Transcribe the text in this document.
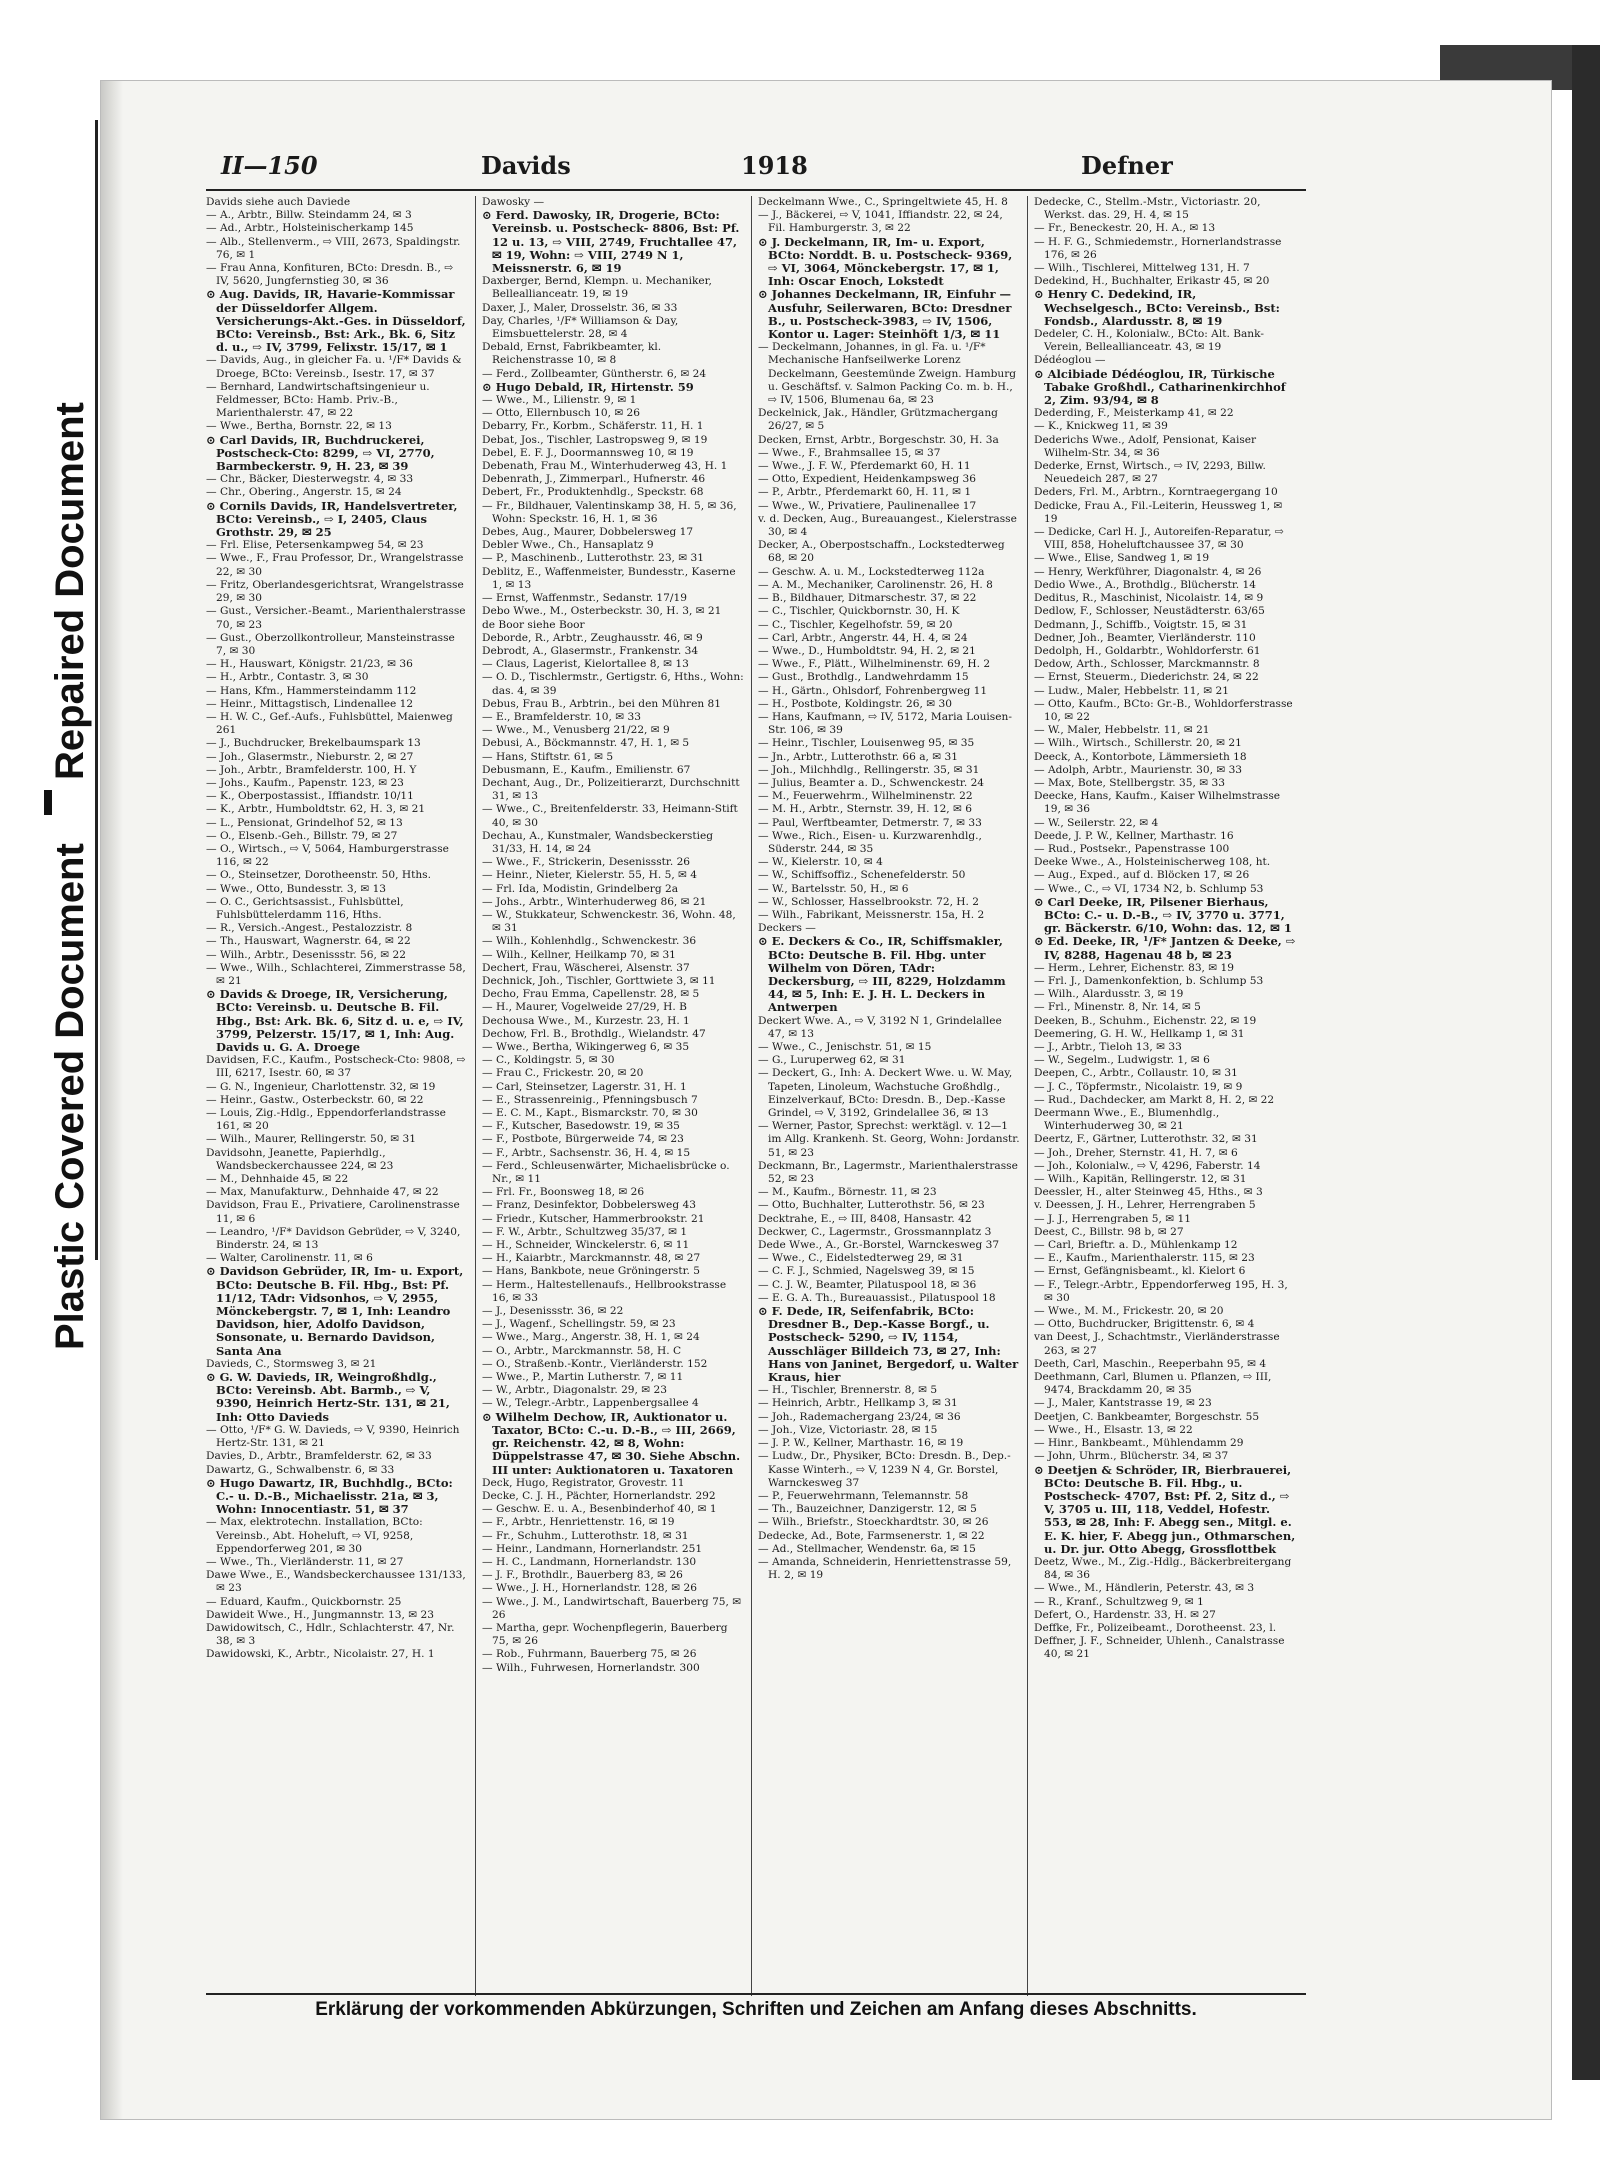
Repaired Document
Plastic Covered Document
II—150	Davids	1918	Defner
Davids siehe auch Daviede
— A., Arbtr., Billw. Steindamm 24, ✉ 3
— Ad., Arbtr., Holsteinischerkamp 145
— Alb., Stellenverm., ⇨ VIII, 2673, Spaldingstr. 76, ✉ 1
— Frau Anna, Konfituren, BCto: Dresdn. B., ⇨ IV, 5620, Jungfernstieg 30, ✉ 36
⊙ Aug. Davids, IR, Havarie-Kommissar der Düsseldorfer Allgem. Versicherungs-Akt.-Ges. in Düsseldorf, BCto: Vereinsb., Bst: Ark., Bk. 6, Sitz d. u., ⇨ IV, 3799, Felixstr. 15/17, ✉ 1
— Davids, Aug., in gleicher Fa. u. ¹/F* Davids & Droege, BCto: Vereinsb., Isestr. 17, ✉ 37
— Bernhard, Landwirtschaftsingenieur u. Feldmesser, BCto: Hamb. Priv.-B., Marienthalerstr. 47, ✉ 22
— Wwe., Bertha, Bornstr. 22, ✉ 13
⊙ Carl Davids, IR, Buchdruckerei, Postscheck-Cto: 8299, ⇨ VI, 2770, Barmbeckerstr. 9, H. 23, ✉ 39
— Chr., Bäcker, Diesterwegstr. 4, ✉ 33
— Chr., Obering., Angerstr. 15, ✉ 24
⊙ Cornils Davids, IR, Handelsvertreter, BCto: Vereinsb., ⇨ I, 2405, Claus Grothstr. 29, ✉ 25
— Frl. Elise, Petersenkampweg 54, ✉ 23
— Wwe., F., Frau Professor, Dr., Wrangelstrasse 22, ✉ 30
— Fritz, Oberlandesgerichtsrat, Wrangelstrasse 29, ✉ 30
— Gust., Versicher.-Beamt., Marienthalerstrasse 70, ✉ 23
— Gust., Oberzollkontrolleur, Mansteinstrasse 7, ✉ 30
— H., Hauswart, Königstr. 21/23, ✉ 36
— H., Arbtr., Contastr. 3, ✉ 30
— Hans, Kfm., Hammersteindamm 112
— Heinr., Mittagstisch, Lindenallee 12
— H. W. C., Gef.-Aufs., Fuhlsbüttel, Maienweg 261
— J., Buchdrucker, Brekelbaumspark 13
— Joh., Glasermstr., Nieburstr. 2, ✉ 27
— Joh., Arbtr., Bramfelderstr. 100, H. Y
— Johs., Kaufm., Papenstr. 123, ✉ 23
— K., Oberpostassist., Iffiandstr. 10/11
— K., Arbtr., Humboldtstr. 62, H. 3, ✉ 21
— L., Pensionat, Grindelhof 52, ✉ 13
— O., Elsenb.-Geh., Billstr. 79, ✉ 27
— O., Wirtsch., ⇨ V, 5064, Hamburgerstrasse 116, ✉ 22
— O., Steinsetzer, Dorotheenstr. 50, Hths.
— Wwe., Otto, Bundesstr. 3, ✉ 13
— O. C., Gerichtsassist., Fuhlsbüttel, Fuhlsbüttelerdamm 116, Hths.
— R., Versich.-Angest., Pestalozzistr. 8
— Th., Hauswart, Wagnerstr. 64, ✉ 22
— Wilh., Arbtr., Desenissstr. 56, ✉ 22
— Wwe., Wilh., Schlachterei, Zimmerstrasse 58, ✉ 21
⊙ Davids & Droege, IR, Versicherung, BCto: Vereinsb. u. Deutsche B. Fil. Hbg., Bst: Ark. Bk. 6, Sitz d. u. e, ⇨ IV, 3799, Pelzerstr. 15/17, ✉ 1, Inh: Aug. Davids u. G. A. Droege
Davidsen, F.C., Kaufm., Postscheck-Cto: 9808, ⇨ III, 6217, Isestr. 60, ✉ 37
— G. N., Ingenieur, Charlottenstr. 32, ✉ 19
— Heinr., Gastw., Osterbeckstr. 60, ✉ 22
— Louis, Zig.-Hdlg., Eppendorferlandstrasse 161, ✉ 20
— Wilh., Maurer, Rellingerstr. 50, ✉ 31
Davidsohn, Jeanette, Papierhdlg., Wandsbeckerchaussee 224, ✉ 23
— M., Dehnhaide 45, ✉ 22
— Max, Manufakturw., Dehnhaide 47, ✉ 22
Davidson, Frau E., Privatiere, Carolinenstrasse 11, ✉ 6
— Leandro, ¹/F* Davidson Gebrüder, ⇨ V, 3240, Binderstr. 24, ✉ 13
— Walter, Carolinenstr. 11, ✉ 6
⊙ Davidson Gebrüder, IR, Im- u. Export, BCto: Deutsche B. Fil. Hbg., Bst: Pf. 11/12, TAdr: Vidsonhos, ⇨ V, 2955, Mönckebergstr. 7, ✉ 1, Inh: Leandro Davidson, hier, Adolfo Davidson, Sonsonate, u. Bernardo Davidson, Santa Ana
Davieds, C., Stormsweg 3, ✉ 21
⊙ G. W. Davieds, IR, Weingroßhdlg., BCto: Vereinsb. Abt. Barmb., ⇨ V, 9390, Heinrich Hertz-Str. 131, ✉ 21, Inh: Otto Davieds
— Otto, ¹/F* G. W. Davieds, ⇨ V, 9390, Heinrich Hertz-Str. 131, ✉ 21
Davies, D., Arbtr., Bramfelderstr. 62, ✉ 33
Dawartz, G., Schwalbenstr. 6, ✉ 33
⊙ Hugo Dawartz, IR, Buchhdlg., BCto: C.- u. D.-B., Michaelisstr. 21a, ✉ 3, Wohn: Innocentiastr. 51, ✉ 37
— Max, elektrotechn. Installation, BCto: Vereinsb., Abt. Hoheluft, ⇨ VI, 9258, Eppendorferweg 201, ✉ 30
— Wwe., Th., Vierländerstr. 11, ✉ 27
Dawe Wwe., E., Wandsbeckerchaussee 131/133, ✉ 23
— Eduard, Kaufm., Quickbornstr. 25
Dawideit Wwe., H., Jungmannstr. 13, ✉ 23
Dawidowitsch, C., Hdlr., Schlachterstr. 47, Nr. 38, ✉ 3
Dawidowski, K., Arbtr., Nicolaistr. 27, H. 1
Dawosky —
⊙ Ferd. Dawosky, IR, Drogerie, BCto: Vereinsb. u. Postscheck- 8806, Bst: Pf. 12 u. 13, ⇨ VIII, 2749, Fruchtallee 47, ✉ 19, Wohn: ⇨ VIII, 2749 N 1, Meissnerstr. 6, ✉ 19
Daxberger, Bernd, Klempn. u. Mechaniker, Belleallianceatr. 19, ✉ 19
Daxer, J., Maler, Drosselstr. 36, ✉ 33
Day, Charles, ¹/F* Williamson & Day, Eimsbuettelerstr. 28, ✉ 4
Debald, Ernst, Fabrikbeamter, kl. Reichenstrasse 10, ✉ 8
— Ferd., Zollbeamter, Güntherstr. 6, ✉ 24
⊙ Hugo Debald, IR, Hirtenstr. 59
— Wwe., M., Lilienstr. 9, ✉ 1
— Otto, Ellernbusch 10, ✉ 26
Debarry, Fr., Korbm., Schäferstr. 11, H. 1
Debat, Jos., Tischler, Lastropsweg 9, ✉ 19
Debel, E. F. J., Doormannsweg 10, ✉ 19
Debenath, Frau M., Winterhuderweg 43, H. 1
Debenrath, J., Zimmerparl., Hufnerstr. 46
Debert, Fr., Produktenhdlg., Speckstr. 68
— Fr., Bildhauer, Valentinskamp 38, H. 5, ✉ 36, Wohn: Speckstr. 16, H. 1, ✉ 36
Debes, Aug., Maurer, Dobbelersweg 17
Debler Wwe., Ch., Hansaplatz 9
— P., Maschinenb., Lutterothstr. 23, ✉ 31
Deblitz, E., Waffenmeister, Bundesstr., Kaserne 1, ✉ 13
— Ernst, Waffenmstr., Sedanstr. 17/19
Debo Wwe., M., Osterbeckstr. 30, H. 3, ✉ 21
de Boor siehe Boor
Deborde, R., Arbtr., Zeughausstr. 46, ✉ 9
Debrodt, A., Glasermstr., Frankenstr. 34
— Claus, Lagerist, Kielortallee 8, ✉ 13
— O. D., Tischlermstr., Gertigstr. 6, Hths., Wohn: das. 4, ✉ 39
Debus, Frau B., Arbtrin., bei den Mühren 81
— E., Bramfelderstr. 10, ✉ 33
— Wwe., M., Venusberg 21/22, ✉ 9
Debusi, A., Böckmannstr. 47, H. 1, ✉ 5
— Hans, Stiftstr. 61, ✉ 5
Debusmann, E., Kaufm., Emilienstr. 67
Dechant, Aug., Dr., Polizeitierarzt, Durchschnitt 31, ✉ 13
— Wwe., C., Breitenfelderstr. 33, Heimann-Stift 40, ✉ 30
Dechau, A., Kunstmaler, Wandsbeckerstieg 31/33, H. 14, ✉ 24
— Wwe., F., Strickerin, Desenissstr. 26
— Heinr., Nieter, Kielerstr. 55, H. 5, ✉ 4
— Frl. Ida, Modistin, Grindelberg 2a
— Johs., Arbtr., Winterhuderweg 86, ✉ 21
— W., Stukkateur, Schwenckestr. 36, Wohn. 48, ✉ 31
— Wilh., Kohlenhdlg., Schwenckestr. 36
— Wilh., Kellner, Heilkamp 70, ✉ 31
Dechert, Frau, Wäscherei, Alsenstr. 37
Dechnick, Joh., Tischler, Gorttwiete 3, ✉ 11
Decho, Frau Emma, Capellenstr. 28, ✉ 5
— H., Maurer, Vogelweide 27/29, H. B
Dechousa Wwe., M., Kurzestr. 23, H. 1
Dechow, Frl. B., Brothdlg., Wielandstr. 47
— Wwe., Bertha, Wikingerweg 6, ✉ 35
— C., Koldingstr. 5, ✉ 30
— Frau C., Frickestr. 20, ✉ 20
— Carl, Steinsetzer, Lagerstr. 31, H. 1
— E., Strassenreinig., Pfenningsbusch 7
— E. C. M., Kapt., Bismarckstr. 70, ✉ 30
— F., Kutscher, Basedowstr. 19, ✉ 35
— F., Postbote, Bürgerweide 74, ✉ 23
— F., Arbtr., Sachsenstr. 36, H. 4, ✉ 15
— Ferd., Schleusenwärter, Michaelisbrücke o. Nr., ✉ 11
— Frl. Fr., Boonsweg 18, ✉ 26
— Franz, Desinfektor, Dobbelersweg 43
— Friedr., Kutscher, Hammerbrookstr. 21
— F. W., Arbtr., Schultzweg 35/37, ✉ 1
— H., Schneider, Winckelerstr. 6, ✉ 11
— H., Kaiarbtr., Marckmannstr. 48, ✉ 27
— Hans, Bankbote, neue Gröningerstr. 5
— Herm., Haltestellenaufs., Hellbrookstrasse 16, ✉ 33
— J., Desenissstr. 36, ✉ 22
— J., Wagenf., Schellingstr. 59, ✉ 23
— Wwe., Marg., Angerstr. 38, H. 1, ✉ 24
— O., Arbtr., Marckmannstr. 58, H. C
— O., Straßenb.-Kontr., Vierländerstr. 152
— Wwe., P., Martin Lutherstr. 7, ✉ 11
— W., Arbtr., Diagonalstr. 29, ✉ 23
— W., Telegr.-Arbtr., Lappenbergsallee 4
⊙ Wilhelm Dechow, IR, Auktionator u. Taxator, BCto: C.-u. D.-B., ⇨ III, 2669, gr. Reichenstr. 42, ✉ 8, Wohn: Düppelstrasse 47, ✉ 30. Siehe Abschn. III unter: Auktionatoren u. Taxatoren
Deck, Hugo, Registrator, Grovestr. 11
Decke, C. J. H., Pächter, Hornerlandstr. 292
— Geschw. E. u. A., Besenbinderhof 40, ✉ 1
— F., Arbtr., Henriettenstr. 16, ✉ 19
— Fr., Schuhm., Lutterothstr. 18, ✉ 31
— Heinr., Landmann, Hornerlandstr. 251
— H. C., Landmann, Hornerlandstr. 130
— J. F., Brothdlr., Bauerberg 83, ✉ 26
— Wwe., J. H., Hornerlandstr. 128, ✉ 26
— Wwe., J. M., Landwirtschaft, Bauerberg 75, ✉ 26
— Martha, gepr. Wochenpflegerin, Bauerberg 75, ✉ 26
— Rob., Fuhrmann, Bauerberg 75, ✉ 26
— Wilh., Fuhrwesen, Hornerlandstr. 300
Deckelmann Wwe., C., Springeltwiete 45, H. 8
— J., Bäckerei, ⇨ V, 1041, Iffiandstr. 22, ✉ 24, Fil. Hamburgerstr. 3, ✉ 22
⊙ J. Deckelmann, IR, Im- u. Export, BCto: Norddt. B. u. Postscheck- 9369, ⇨ VI, 3064, Mönckebergstr. 17, ✉ 1, Inh: Oscar Enoch, Lokstedt
⊙ Johannes Deckelmann, IR, Einfuhr — Ausfuhr, Seilerwaren, BCto: Dresdner B., u. Postscheck-3983, ⇨ IV, 1506, Kontor u. Lager: Steinhöft 1/3, ✉ 11
— Deckelmann, Johannes, in gl. Fa. u. ¹/F* Mechanische Hanfseilwerke Lorenz Deckelmann, Geestemünde Zweign. Hamburg u. Geschäftsf. v. Salmon Packing Co. m. b. H., ⇨ IV, 1506, Blumenau 6a, ✉ 23
Deckelnick, Jak., Händler, Grützmachergang 26/27, ✉ 5
Decken, Ernst, Arbtr., Borgeschstr. 30, H. 3a
— Wwe., F., Brahmsallee 15, ✉ 37
— Wwe., J. F. W., Pferdemarkt 60, H. 11
— Otto, Expedient, Heidenkampsweg 36
— P., Arbtr., Pferdemarkt 60, H. 11, ✉ 1
— Wwe., W., Privatiere, Paulinenallee 17
v. d. Decken, Aug., Bureauangest., Kielerstrasse 30, ✉ 4
Decker, A., Oberpostschaffn., Lockstedterweg 68, ✉ 20
— Geschw. A. u. M., Lockstedterweg 112a
— A. M., Mechaniker, Carolinenstr. 26, H. 8
— B., Bildhauer, Ditmarschestr. 37, ✉ 22
— C., Tischler, Quickbornstr. 30, H. K
— C., Tischler, Kegelhofstr. 59, ✉ 20
— Carl, Arbtr., Angerstr. 44, H. 4, ✉ 24
— Wwe., D., Humboldtstr. 94, H. 2, ✉ 21
— Wwe., F., Plätt., Wilhelminenstr. 69, H. 2
— Gust., Brothdlg., Landwehrdamm 15
— H., Gärtn., Ohlsdorf, Fohrenbergweg 11
— H., Postbote, Koldingstr. 26, ✉ 30
— Hans, Kaufmann, ⇨ IV, 5172, Maria Louisen-Str. 106, ✉ 39
— Heinr., Tischler, Louisenweg 95, ✉ 35
— Jn., Arbtr., Lutterothstr. 66 a, ✉ 31
— Joh., Milchhdlg., Rellingerstr. 35, ✉ 31
— Julius, Beamter a. D., Schwenckestr. 24
— M., Feuerwehrm., Wilhelminenstr. 22
— M. H., Arbtr., Sternstr. 39, H. 12, ✉ 6
— Paul, Werftbeamter, Detmerstr. 7, ✉ 33
— Wwe., Rich., Eisen- u. Kurzwarenhdlg., Süderstr. 244, ✉ 35
— W., Kielerstr. 10, ✉ 4
— W., Schiffsoffiz., Schenefelderstr. 50
— W., Bartelsstr. 50, H., ✉ 6
— W., Schlosser, Hasselbrookstr. 72, H. 2
— Wilh., Fabrikant, Meissnerstr. 15a, H. 2
Deckers —
⊙ E. Deckers & Co., IR, Schiffsmakler, BCto: Deutsche B. Fil. Hbg. unter Wilhelm von Dören, TAdr: Deckersburg, ⇨ III, 8229, Holzdamm 44, ✉ 5, Inh: E. J. H. L. Deckers in Antwerpen
Deckert Wwe. A., ⇨ V, 3192 N 1, Grindelallee 47, ✉ 13
— Wwe., C., Jenischstr. 51, ✉ 15
— G., Luruperweg 62, ✉ 31
— Deckert, G., Inh: A. Deckert Wwe. u. W. May, Tapeten, Linoleum, Wachstuche Großhdlg., Einzelverkauf, BCto: Dresdn. B., Dep.-Kasse Grindel, ⇨ V, 3192, Grindelallee 36, ✉ 13
— Werner, Pastor, Sprechst: werktägl. v. 12—1 im Allg. Krankenh. St. Georg, Wohn: Jordanstr. 51, ✉ 23
Deckmann, Br., Lagermstr., Marienthalerstrasse 52, ✉ 23
— M., Kaufm., Börnestr. 11, ✉ 23
— Otto, Buchhalter, Lutterothstr. 56, ✉ 23
Decktrahe, E., ⇨ III, 8408, Hansastr. 42
Deckwer, C., Lagermstr., Grossmannplatz 3
Dede Wwe., A., Gr.-Borstel, Warnckesweg 37
— Wwe., C., Eidelstedterweg 29, ✉ 31
— C. F. J., Schmied, Nagelsweg 39, ✉ 15
— C. J. W., Beamter, Pilatuspool 18, ✉ 36
— E. G. A. Th., Bureauassist., Pilatuspool 18
⊙ F. Dede, IR, Seifenfabrik, BCto: Dresdner B., Dep.-Kasse Borgf., u. Postscheck- 5290, ⇨ IV, 1154, Ausschläger Billdeich 73, ✉ 27, Inh: Hans von Janinet, Bergedorf, u. Walter Kraus, hier
— H., Tischler, Brennerstr. 8, ✉ 5
— Heinrich, Arbtr., Hellkamp 3, ✉ 31
— Joh., Rademachergang 23/24, ✉ 36
— Joh., Vize, Victoriastr. 28, ✉ 15
— J. P. W., Kellner, Marthastr. 16, ✉ 19
— Ludw., Dr., Physiker, BCto: Dresdn. B., Dep.-Kasse Winterh., ⇨ V, 1239 N 4, Gr. Borstel, Warnckesweg 37
— P., Feuerwehrmann, Telemannstr. 58
— Th., Bauzeichner, Danzigerstr. 12, ✉ 5
— Wilh., Briefstr., Stoeckhardtstr. 30, ✉ 26
Dedecke, Ad., Bote, Farmsenerstr. 1, ✉ 22
— Ad., Stellmacher, Wendenstr. 6a, ✉ 15
— Amanda, Schneiderin, Henriettenstrasse 59, H. 2, ✉ 19
Dedecke, C., Stellm.-Mstr., Victoriastr. 20, Werkst. das. 29, H. 4, ✉ 15
— Fr., Beneckestr. 20, H. A., ✉ 13
— H. F. G., Schmiedemstr., Hornerlandstrasse 176, ✉ 26
— Wilh., Tischlerei, Mittelweg 131, H. 7
Dedekind, H., Buchhalter, Erikastr 45, ✉ 20
⊙ Henry C. Dedekind, IR, Wechselgesch., BCto: Vereinsb., Bst: Fondsb., Alardusstr. 8, ✉ 19
Dedeler, C. H., Kolonialw., BCto: Alt. Bank-Verein, Belleallianceatr. 43, ✉ 19
Dédéoglou —
⊙ Alcibiade Dédéoglou, IR, Türkische Tabake Großhdl., Catharinenkirchhof 2, Zim. 93/94, ✉ 8
Dederding, F., Meisterkamp 41, ✉ 22
— K., Knickweg 11, ✉ 39
Dederichs Wwe., Adolf, Pensionat, Kaiser Wilhelm-Str. 34, ✉ 36
Dederke, Ernst, Wirtsch., ⇨ IV, 2293, Billw. Neuedeich 287, ✉ 27
Deders, Frl. M., Arbtrn., Korntraegergang 10
Dedicke, Frau A., Fil.-Leiterin, Heussweg 1, ✉ 19
— Dedicke, Carl H. J., Autoreifen-Reparatur, ⇨ VIII, 858, Hoheluftchaussee 37, ✉ 30
— Wwe., Elise, Sandweg 1, ✉ 19
— Henry, Werkführer, Diagonalstr. 4, ✉ 26
Dedio Wwe., A., Brothdlg., Blücherstr. 14
Deditus, R., Maschinist, Nicolaistr. 14, ✉ 9
Dedlow, F., Schlosser, Neustädterstr. 63/65
Dedmann, J., Schiffb., Voigtstr. 15, ✉ 31
Dedner, Joh., Beamter, Vierländerstr. 110
Dedolph, H., Goldarbtr., Wohldorferstr. 61
Dedow, Arth., Schlosser, Marckmannstr. 8
— Ernst, Steuerm., Diederichstr. 24, ✉ 22
— Ludw., Maler, Hebbelstr. 11, ✉ 21
— Otto, Kaufm., BCto: Gr.-B., Wohldorferstrasse 10, ✉ 22
— W., Maler, Hebbelstr. 11, ✉ 21
— Wilh., Wirtsch., Schillerstr. 20, ✉ 21
Deeck, A., Kontorbote, Lämmersieth 18
— Adolph, Arbtr., Maurienstr. 30, ✉ 33
— Max, Bote, Stellbergstr. 35, ✉ 33
Deecke, Hans, Kaufm., Kaiser Wilhelmstrasse 19, ✉ 36
— W., Seilerstr. 22, ✉ 4
Deede, J. P. W., Kellner, Marthastr. 16
— Rud., Postsekr., Papenstrasse 100
Deeke Wwe., A., Holsteinischerweg 108, ht.
— Aug., Exped., auf d. Blöcken 17, ✉ 26
— Wwe., C., ⇨ VI, 1734 N2, b. Schlump 53
⊙ Carl Deeke, IR, Pilsener Bierhaus, BCto: C.- u. D.-B., ⇨ IV, 3770 u. 3771, gr. Bäckerstr. 6/10, Wohn: das. 12, ✉ 1
⊙ Ed. Deeke, IR, ¹/F* Jantzen & Deeke, ⇨ IV, 8288, Hagenau 48 b, ✉ 23
— Herm., Lehrer, Eichenstr. 83, ✉ 19
— Frl. J., Damenkonfektion, b. Schlump 53
— Wilh., Alardusstr. 3, ✉ 19
— Frl., Minenstr. 8, Nr. 14, ✉ 5
Deeken, B., Schuhm., Eichenstr. 22, ✉ 19
Deemering, G. H. W., Hellkamp 1, ✉ 31
— J., Arbtr., Tieloh 13, ✉ 33
— W., Segelm., Ludwigstr. 1, ✉ 6
Deepen, C., Arbtr., Collaustr. 10, ✉ 31
— J. C., Töpfermstr., Nicolaistr. 19, ✉ 9
— Rud., Dachdecker, am Markt 8, H. 2, ✉ 22
Deermann Wwe., E., Blumenhdlg., Winterhuderweg 30, ✉ 21
Deertz, F., Gärtner, Lutterothstr. 32, ✉ 31
— Joh., Dreher, Sternstr. 41, H. 7, ✉ 6
— Joh., Kolonialw., ⇨ V, 4296, Faberstr. 14
— Wilh., Kapitän, Rellingerstr. 12, ✉ 31
Deessler, H., alter Steinweg 45, Hths., ✉ 3
v. Deessen, J. H., Lehrer, Herrengraben 5
— J. J., Herrengraben 5, ✉ 11
Deest, C., Billstr. 98 b, ✉ 27
— Carl, Brieftr. a. D., Mühlenkamp 12
— E., Kaufm., Marienthalerstr. 115, ✉ 23
— Ernst, Gefängnisbeamt., kl. Kielort 6
— F., Telegr.-Arbtr., Eppendorferweg 195, H. 3, ✉ 30
— Wwe., M. M., Frickestr. 20, ✉ 20
— Otto, Buchdrucker, Brigittenstr. 6, ✉ 4
van Deest, J., Schachtmstr., Vierländerstrasse 263, ✉ 27
Deeth, Carl, Maschin., Reeperbahn 95, ✉ 4
Deethmann, Carl, Blumen u. Pflanzen, ⇨ III, 9474, Brackdamm 20, ✉ 35
— J., Maler, Kantstrasse 19, ✉ 23
Deetjen, C. Bankbeamter, Borgeschstr. 55
— Wwe., H., Elsastr. 13, ✉ 22
— Hinr., Bankbeamt., Mühlendamm 29
— John, Uhrm., Blücherstr. 34, ✉ 37
⊙ Deetjen & Schröder, IR, Bierbrauerei, BCto: Deutsche B. Fil. Hbg., u. Postscheck- 4707, Bst: Pf. 2, Sitz d., ⇨ V, 3705 u. III, 118, Veddel, Hofestr. 553, ✉ 28, Inh: F. Abegg sen., Mitgl. e. E. K. hier, F. Abegg jun., Othmarschen, u. Dr. jur. Otto Abegg, Grossflottbek
Deetz, Wwe., M., Zig.-Hdlg., Bäckerbreitergang 84, ✉ 36
— Wwe., M., Händlerin, Peterstr. 43, ✉ 3
— R., Kranf., Schultzweg 9, ✉ 1
Defert, O., Hardenstr. 33, H. ✉ 27
Deffke, Fr., Polizeibeamt., Dorotheenst. 23, l.
Deffner, J. F., Schneider, Uhlenh., Canalstrasse 40, ✉ 21
Erklärung der vorkommenden Abkürzungen, Schriften und Zeichen am Anfang dieses Abschnitts.
